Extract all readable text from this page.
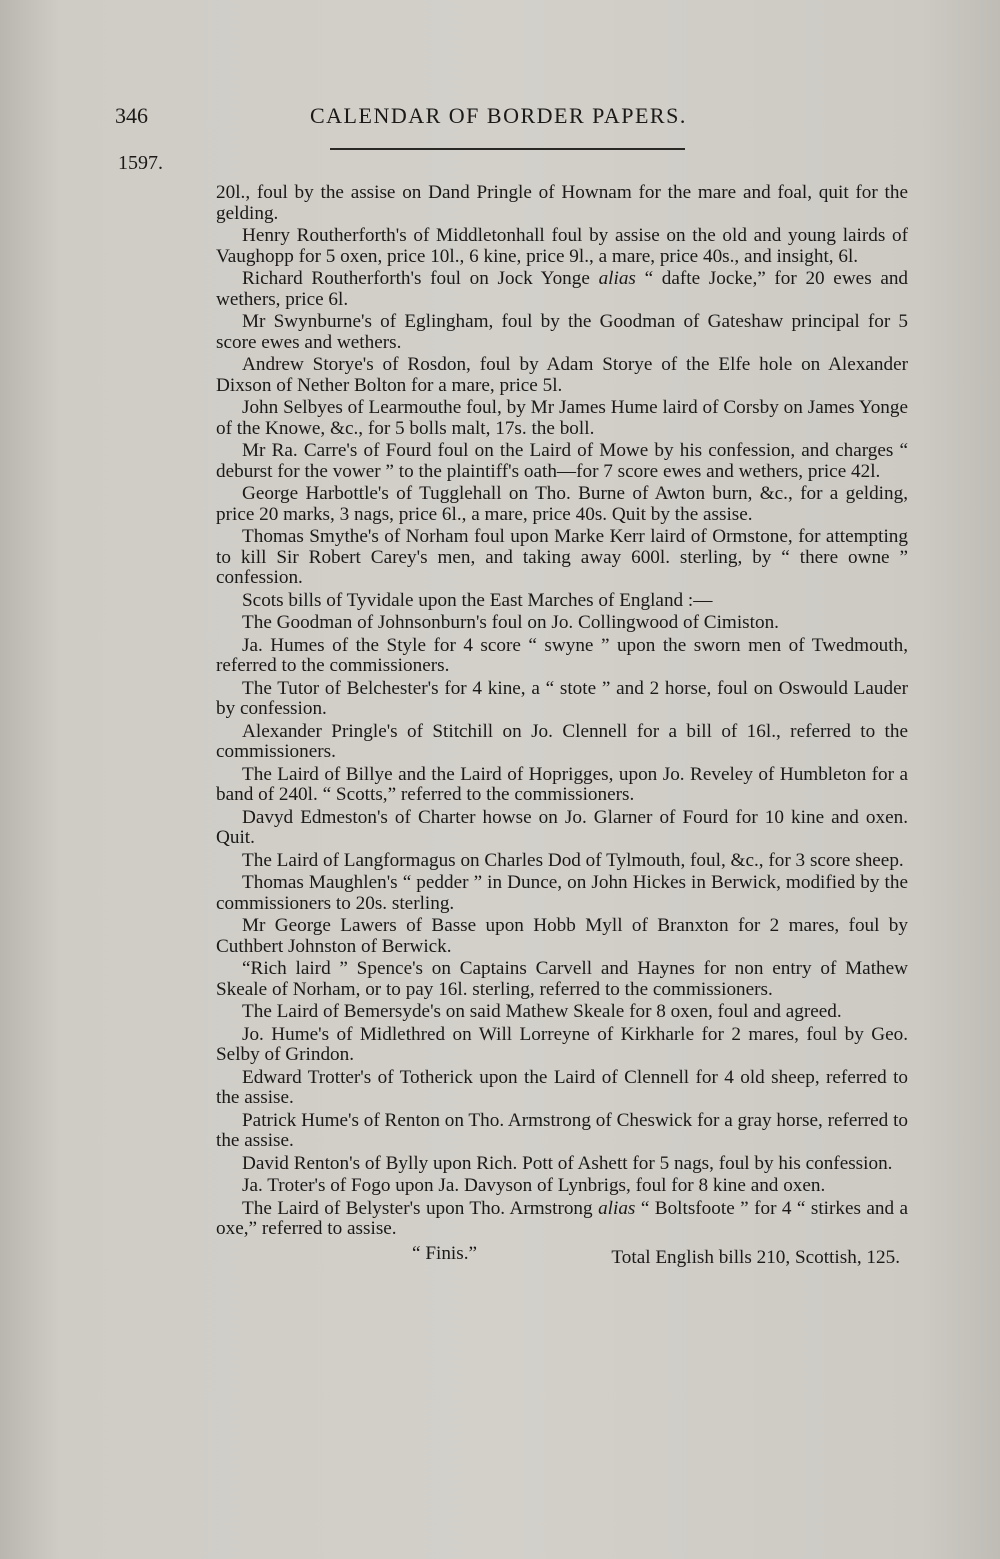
346	CALENDAR OF BORDER PAPERS.
1597.

20l., foul by the assise on Dand Pringle of Hownam for the mare and foal, quit for the gelding.

Henry Routherforth's of Middletonhall foul by assise on the old and young lairds of Vaughopp for 5 oxen, price 10l., 6 kine, price 9l., a mare, price 40s., and insight, 6l.

Richard Routherforth's foul on Jock Yonge alias “ dafte Jocke,” for 20 ewes and wethers, price 6l.

Mr Swynburne's of Eglingham, foul by the Goodman of Gateshaw principal for 5 score ewes and wethers.

Andrew Storye's of Rosdon, foul by Adam Storye of the Elfe hole on Alexander Dixson of Nether Bolton for a mare, price 5l.

John Selbyes of Learmouthe foul, by Mr James Hume laird of Corsby on James Yonge of the Knowe, &c., for 5 bolls malt, 17s. the boll.

Mr Ra. Carre's of Fourd foul on the Laird of Mowe by his confession, and charges “ deburst for the vower ” to the plaintiff's oath—for 7 score ewes and wethers, price 42l.

George Harbottle's of Tugglehall on Tho. Burne of Awton burn, &c., for a gelding, price 20 marks, 3 nags, price 6l., a mare, price 40s. Quit by the assise.

Thomas Smythe's of Norham foul upon Marke Kerr laird of Ormstone, for attempting to kill Sir Robert Carey's men, and taking away 600l. sterling, by “ there owne ” confession.

Scots bills of Tyvidale upon the East Marches of England :—

The Goodman of Johnsonburn's foul on Jo. Collingwood of Cimiston.

Ja. Humes of the Style for 4 score “ swyne ” upon the sworn men of Twedmouth, referred to the commissioners.

The Tutor of Belchester's for 4 kine, a “ stote ” and 2 horse, foul on Oswould Lauder by confession.

Alexander Pringle's of Stitchill on Jo. Clennell for a bill of 16l., referred to the commissioners.

The Laird of Billye and the Laird of Hoprigges, upon Jo. Reveley of Humbleton for a band of 240l. “ Scotts,” referred to the commissioners.

Davyd Edmeston's of Charter howse on Jo. Glarner of Fourd for 10 kine and oxen. Quit.

The Laird of Langformagus on Charles Dod of Tylmouth, foul, &c., for 3 score sheep.

Thomas Maughlen's “ pedder ” in Dunce, on John Hickes in Berwick, modified by the commissioners to 20s. sterling.

Mr George Lawers of Basse upon Hobb Myll of Branxton for 2 mares, foul by Cuthbert Johnston of Berwick.

“Rich laird ” Spence's on Captains Carvell and Haynes for non entry of Mathew Skeale of Norham, or to pay 16l. sterling, referred to the commissioners.

The Laird of Bemersyde's on said Mathew Skeale for 8 oxen, foul and agreed.

Jo. Hume's of Midlethred on Will Lorreyne of Kirkharle for 2 mares, foul by Geo. Selby of Grindon.

Edward Trotter's of Totherick upon the Laird of Clennell for 4 old sheep, referred to the assise.

Patrick Hume's of Renton on Tho. Armstrong of Cheswick for a gray horse, referred to the assise.

David Renton's of Bylly upon Rich. Pott of Ashett for 5 nags, foul by his confession.

Ja. Troter's of Fogo upon Ja. Davyson of Lynbrigs, foul for 8 kine and oxen.

The Laird of Belyster's upon Tho. Armstrong alias “ Boltsfoote ” for 4 “ stirkes and a oxe,” referred to assise.

“ Finis.”	Total English bills 210, Scottish, 125.
